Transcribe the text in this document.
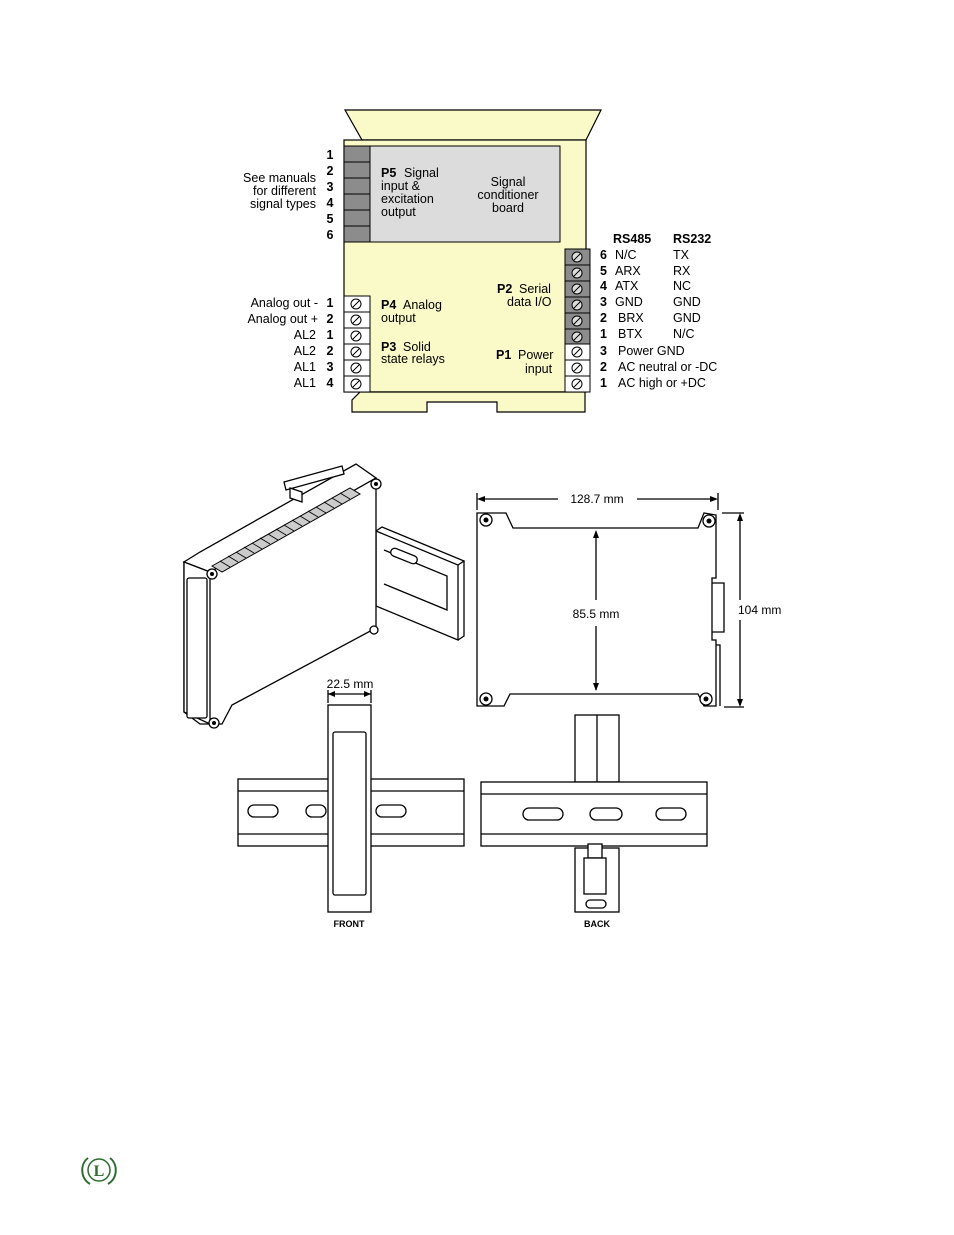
1
2
3
4
5
6
See manuals
for different
signal types
P5 Signal
input &
excitation
output
Signal
conditioner
board
Analog out - 1
Analog out + 2
AL2 1
AL2 2
AL1 3
AL1 4
P4 Analog
output
P3 Solid
state relays
P2 Serial
data I/O
P1 Power
input
RS485 RS232
6 N/C	TX
5 ARX	RX
4 ATX	NC
3 GND GND
2 BRX GND
1 BTX N/C
3 Power GND
2 AC neutral or -DC
1 AC high or +DC
128.7 mm
85.5 mm	104 mm
22.5 mm
FRONT	BACK
L
